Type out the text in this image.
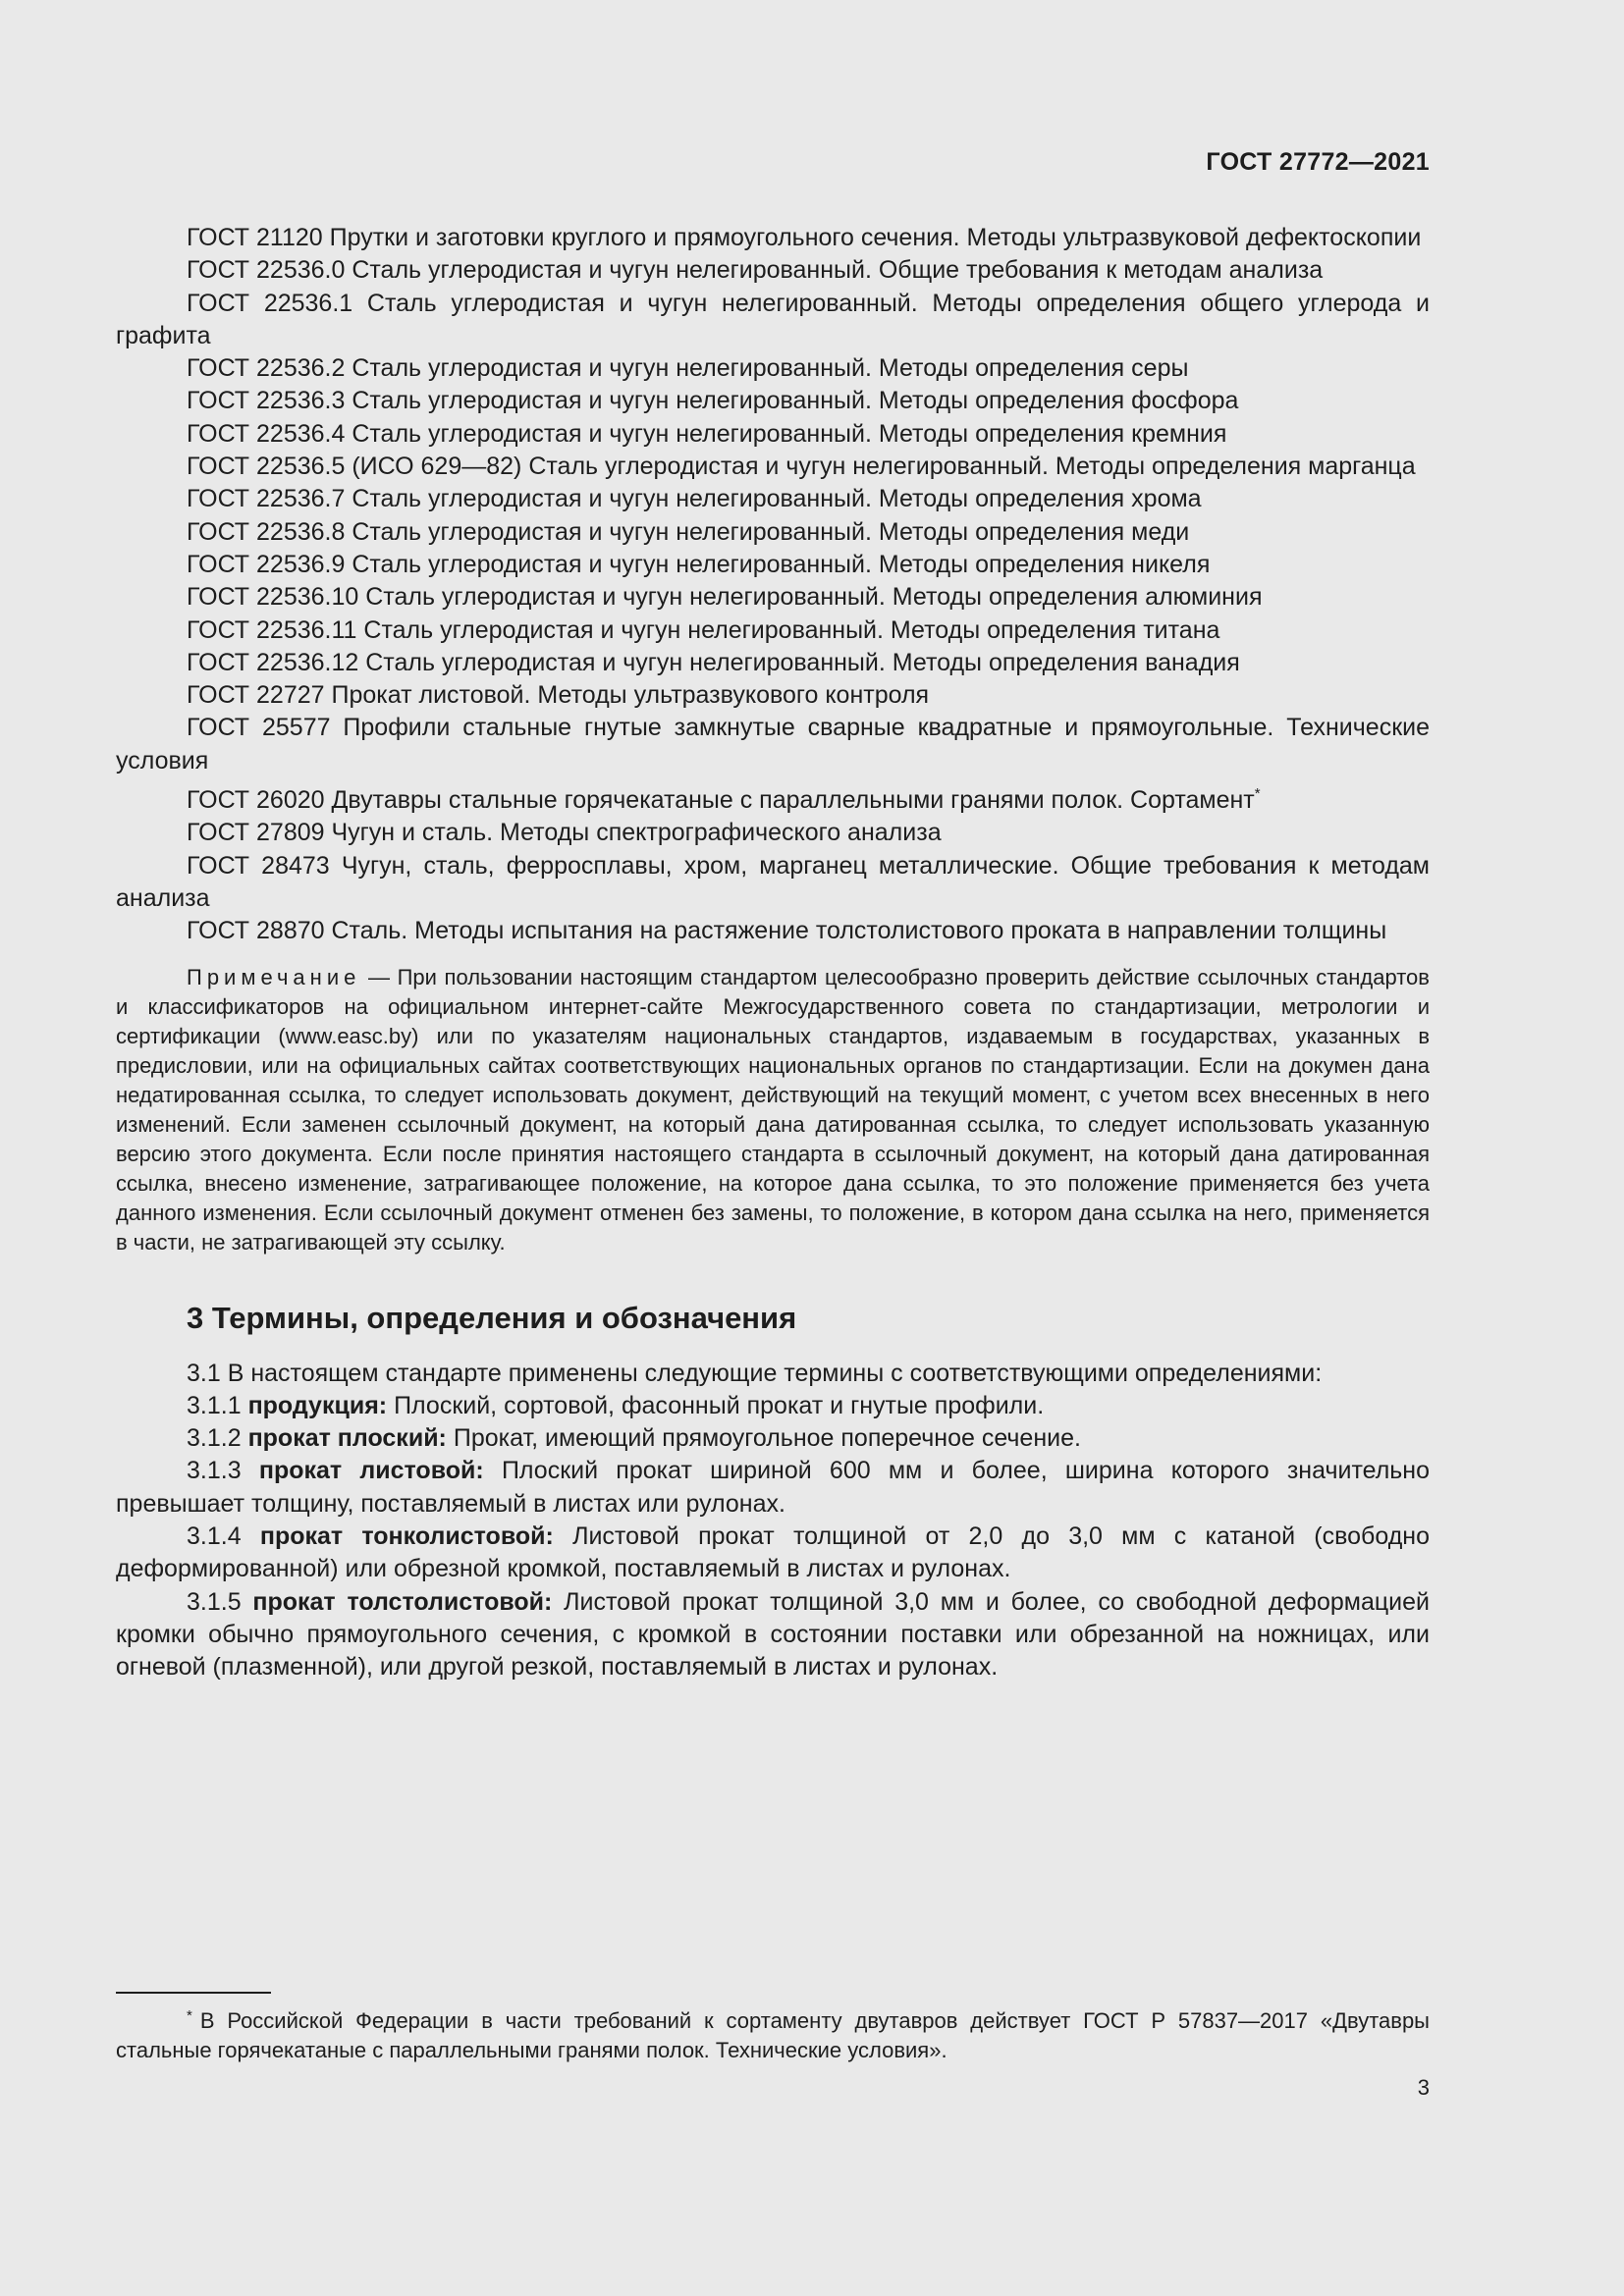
ГОСТ 27772—2021

ГОСТ 21120 Прутки и заготовки круглого и прямоугольного сечения. Методы ультразвуковой дефектоскопии

ГОСТ 22536.0 Сталь углеродистая и чугун нелегированный. Общие требования к методам анализа

ГОСТ 22536.1 Сталь углеродистая и чугун нелегированный. Методы определения общего углерода и графита

ГОСТ 22536.2 Сталь углеродистая и чугун нелегированный. Методы определения серы

ГОСТ 22536.3 Сталь углеродистая и чугун нелегированный. Методы определения фосфора

ГОСТ 22536.4 Сталь углеродистая и чугун нелегированный. Методы определения кремния

ГОСТ 22536.5 (ИСО 629—82) Сталь углеродистая и чугун нелегированный. Методы определения марганца

ГОСТ 22536.7 Сталь углеродистая и чугун нелегированный. Методы определения хрома

ГОСТ 22536.8 Сталь углеродистая и чугун нелегированный. Методы определения меди

ГОСТ 22536.9 Сталь углеродистая и чугун нелегированный. Методы определения никеля

ГОСТ 22536.10 Сталь углеродистая и чугун нелегированный. Методы определения алюминия

ГОСТ 22536.11 Сталь углеродистая и чугун нелегированный. Методы определения титана

ГОСТ 22536.12 Сталь углеродистая и чугун нелегированный. Методы определения ванадия

ГОСТ 22727 Прокат листовой. Методы ультразвукового контроля

ГОСТ 25577 Профили стальные гнутые замкнутые сварные квадратные и прямоугольные. Технические условия

ГОСТ 26020 Двутавры стальные горячекатаные с параллельными гранями полок. Сортамент*

ГОСТ 27809 Чугун и сталь. Методы спектрографического анализа

ГОСТ 28473 Чугун, сталь, ферросплавы, хром, марганец металлические. Общие требования к методам анализа

ГОСТ 28870 Сталь. Методы испытания на растяжение толстолистового проката в направлении толщины

Примечание — При пользовании настоящим стандартом целесообразно проверить действие ссылочных стандартов и классификаторов на официальном интернет-сайте Межгосударственного совета по стандартизации, метрологии и сертификации (www.easc.by) или по указателям национальных стандартов, издаваемым в государствах, указанных в предисловии, или на официальных сайтах соответствующих национальных органов по стандартизации. Если на докумен дана недатированная ссылка, то следует использовать документ, действующий на текущий момент, с учетом всех внесенных в него изменений. Если заменен ссылочный документ, на который дана датированная ссылка, то следует использовать указанную версию этого документа. Если после принятия настоящего стандарта в ссылочный документ, на который дана датированная ссылка, внесено изменение, затрагивающее положение, на которое дана ссылка, то это положение применяется без учета данного изменения. Если ссылочный документ отменен без замены, то положение, в котором дана ссылка на него, применяется в части, не затрагивающей эту ссылку.

3 Термины, определения и обозначения

3.1 В настоящем стандарте применены следующие термины с соответствующими определениями:

3.1.1 продукция: Плоский, сортовой, фасонный прокат и гнутые профили.

3.1.2 прокат плоский: Прокат, имеющий прямоугольное поперечное сечение.

3.1.3 прокат листовой: Плоский прокат шириной 600 мм и более, ширина которого значительно превышает толщину, поставляемый в листах или рулонах.

3.1.4 прокат тонколистовой: Листовой прокат толщиной от 2,0 до 3,0 мм с катаной (свободно деформированной) или обрезной кромкой, поставляемый в листах и рулонах.

3.1.5 прокат толстолистовой: Листовой прокат толщиной 3,0 мм и более, со свободной деформацией кромки обычно прямоугольного сечения, с кромкой в состоянии поставки или обрезанной на ножницах, или огневой (плазменной), или другой резкой, поставляемый в листах и рулонах.

* В Российской Федерации в части требований к сортаменту двутавров действует ГОСТ Р 57837—2017 «Двутавры стальные горячекатаные с параллельными гранями полок. Технические условия».

3
